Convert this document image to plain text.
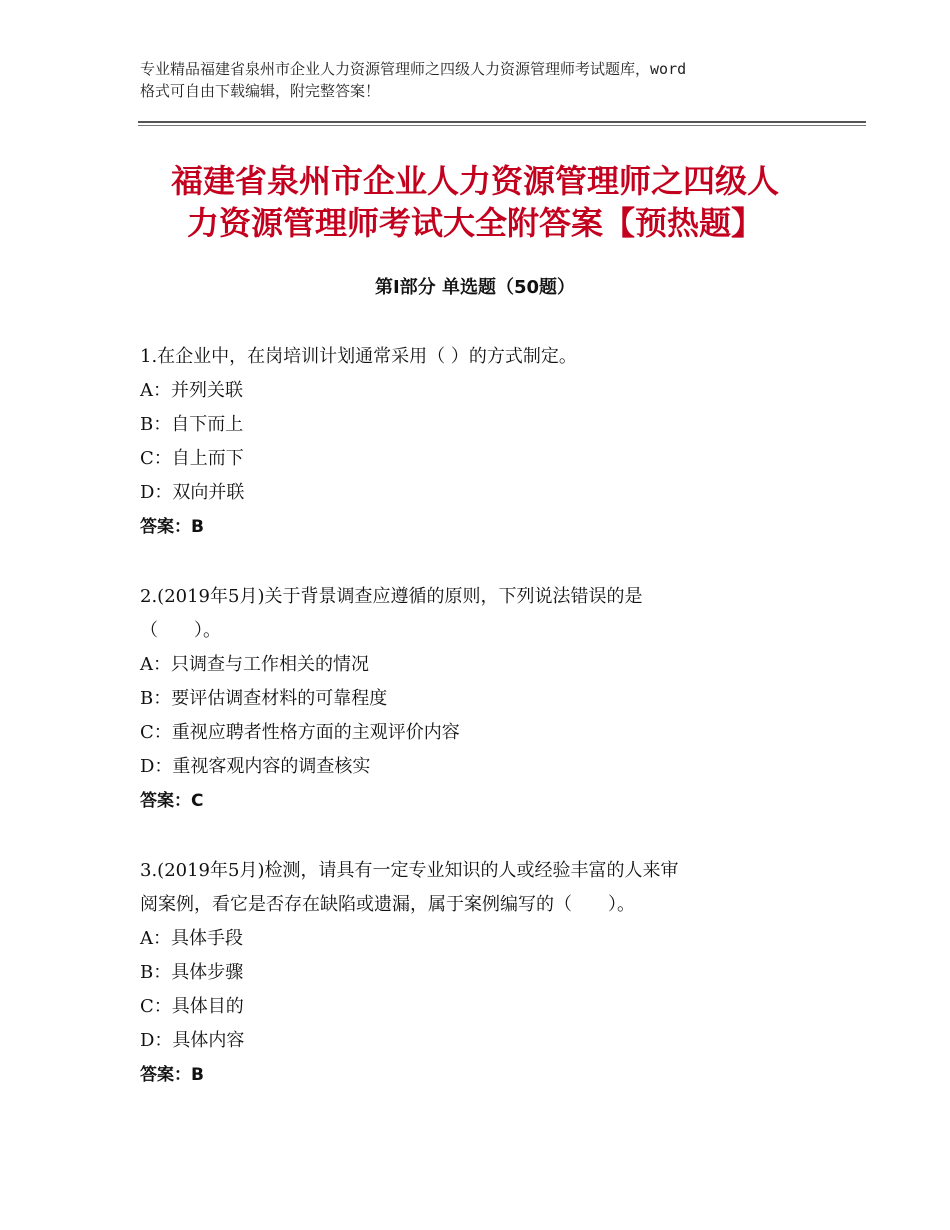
专业精品福建省泉州市企业人力资源管理师之四级人力资源管理师考试题库，word

格式可自由下载编辑，附完整答案！

福建省泉州市企业人力资源管理师之四级人

力资源管理师考试大全附答案【预热题】

第Ⅰ部分 单选题（50题）

1.在企业中，在岗培训计划通常采用（ ）的方式制定。

A：并列关联

B：自下而上

C：自上而下

D：双向并联

答案：B

2.(2019年5月)关于背景调查应遵循的原则，下列说法错误的是

（　　）。

A：只调查与工作相关的情况

B：要评估调查材料的可靠程度

C：重视应聘者性格方面的主观评价内容

D：重视客观内容的调查核实

答案：C

3.(2019年5月)检测，请具有一定专业知识的人或经验丰富的人来审

阅案例，看它是否存在缺陷或遗漏，属于案例编写的（　　）。

A：具体手段

B：具体步骤

C：具体目的

D：具体内容

答案：B
